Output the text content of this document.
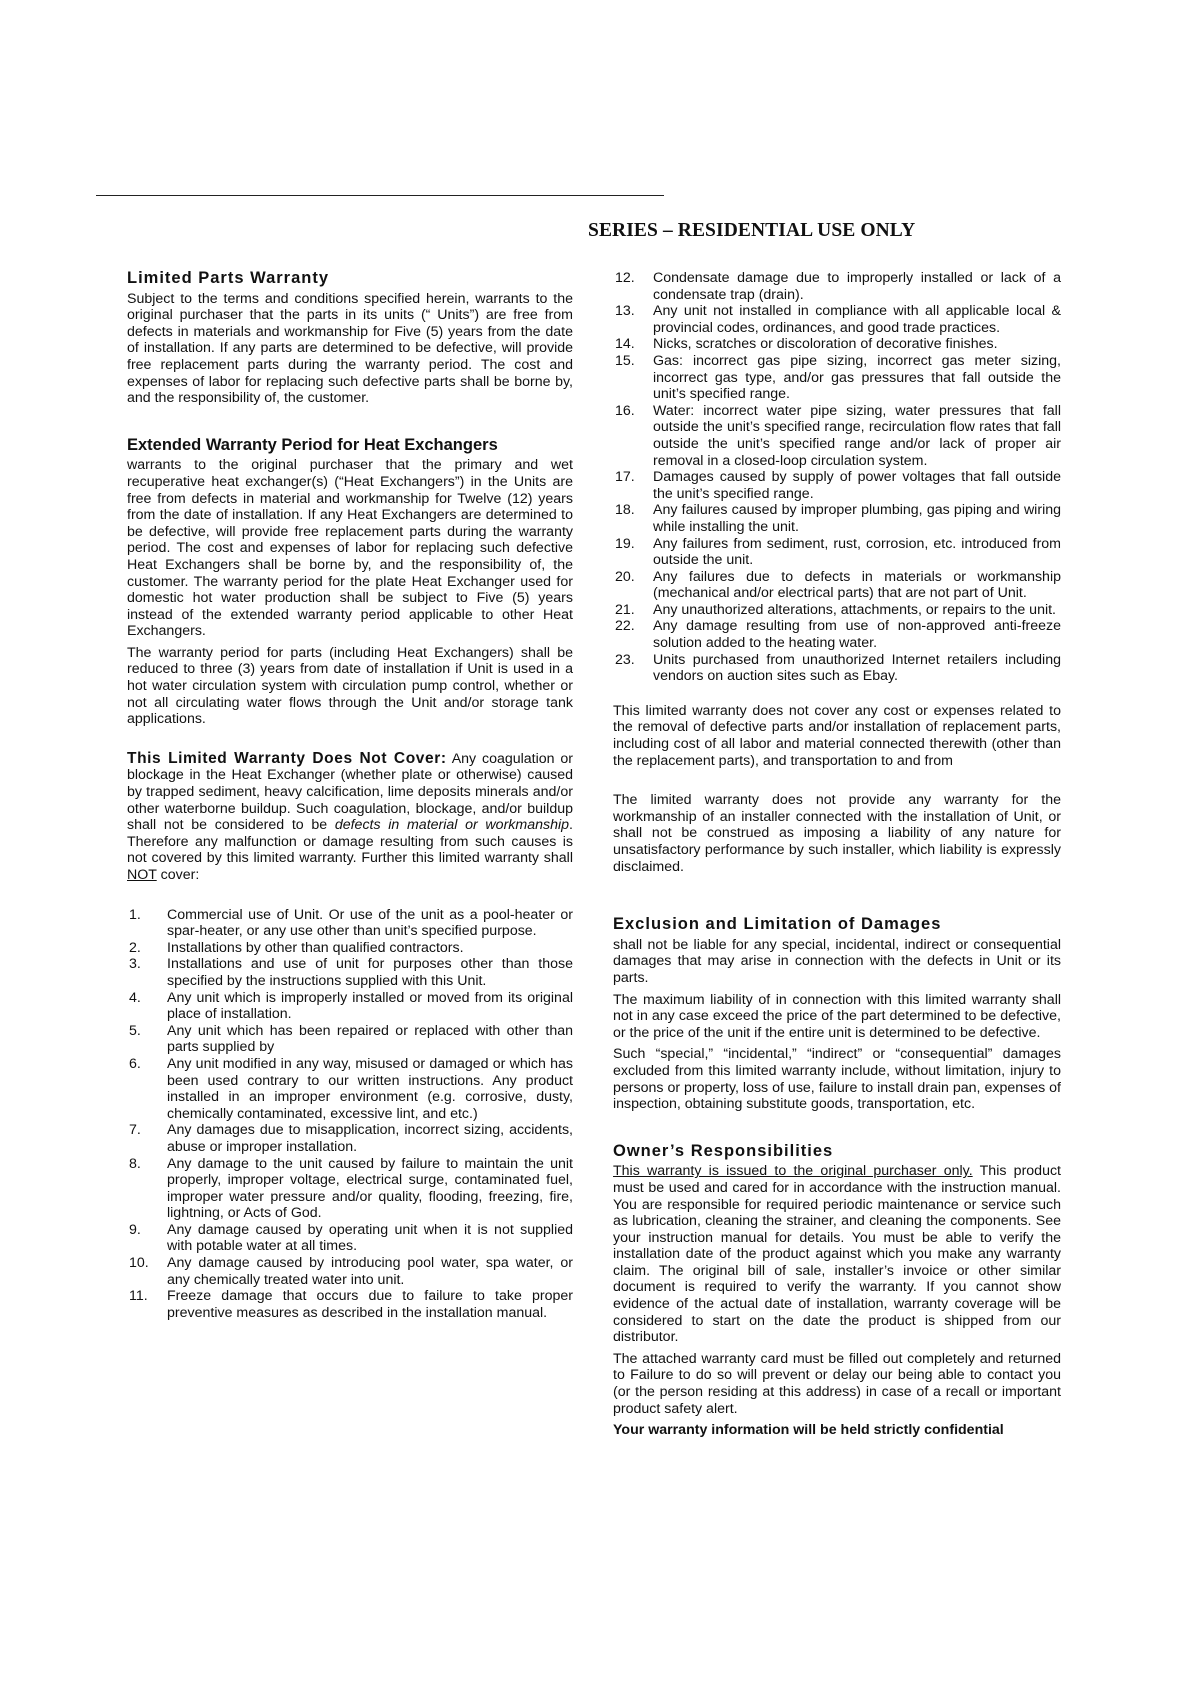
SERIES – RESIDENTIAL USE ONLY
Limited Parts Warranty

Subject to the terms and conditions specified herein, warrants to the original purchaser that the parts in its units (“ Units”) are free from defects in materials and workmanship for Five (5) years from the date of installation. If any parts are determined to be defective, will provide free replacement parts during the warranty period. The cost and expenses of labor for replacing such defective parts shall be borne by, and the responsibility of, the customer.

Extended Warranty Period for Heat Exchangers

warrants to the original purchaser that the primary and wet recuperative heat exchanger(s) (“Heat Exchangers”) in the Units are free from defects in material and workmanship for Twelve (12) years from the date of installation. If any Heat Exchangers are determined to be defective, will provide free replacement parts during the warranty period. The cost and expenses of labor for replacing such defective Heat Exchangers shall be borne by, and the responsibility of, the customer. The warranty period for the plate Heat Exchanger used for domestic hot water production shall be subject to Five (5) years instead of the extended warranty period applicable to other Heat Exchangers.

The warranty period for parts (including Heat Exchangers) shall be reduced to three (3) years from date of installation if Unit is used in a hot water circulation system with circulation pump control, whether or not all circulating water flows through the Unit and/or storage tank applications.

This Limited Warranty Does Not Cover: Any coagulation or blockage in the Heat Exchanger (whether plate or otherwise) caused by trapped sediment, heavy calcification, lime deposits minerals and/or other waterborne buildup. Such coagulation, blockage, and/or buildup shall not be considered to be defects in material or workmanship. Therefore any malfunction or damage resulting from such causes is not covered by this limited warranty. Further this limited warranty shall NOT cover:

1. Commercial use of Unit. Or use of the unit as a pool-heater or spar-heater, or any use other than unit’s specified purpose.
2. Installations by other than qualified contractors.
3. Installations and use of unit for purposes other than those specified by the instructions supplied with this Unit.
4. Any unit which is improperly installed or moved from its original place of installation.
5. Any unit which has been repaired or replaced with other than parts supplied by
6. Any unit modified in any way, misused or damaged or which has been used contrary to our written instructions. Any product installed in an improper environment (e.g. corrosive, dusty, chemically contaminated, excessive lint, and etc.)
7. Any damages due to misapplication, incorrect sizing, accidents, abuse or improper installation.
8. Any damage to the unit caused by failure to maintain the unit properly, improper voltage, electrical surge, contaminated fuel, improper water pressure and/or quality, flooding, freezing, fire, lightning, or Acts of God.
9. Any damage caused by operating unit when it is not supplied with potable water at all times.
10. Any damage caused by introducing pool water, spa water, or any chemically treated water into unit.
11. Freeze damage that occurs due to failure to take proper preventive measures as described in the installation manual.
12. Condensate damage due to improperly installed or lack of a condensate trap (drain).
13. Any unit not installed in compliance with all applicable local & provincial codes, ordinances, and good trade practices.
14. Nicks, scratches or discoloration of decorative finishes.
15. Gas: incorrect gas pipe sizing, incorrect gas meter sizing, incorrect gas type, and/or gas pressures that fall outside the unit’s specified range.
16. Water: incorrect water pipe sizing, water pressures that fall outside the unit’s specified range, recirculation flow rates that fall outside the unit’s specified range and/or lack of proper air removal in a closed-loop circulation system.
17. Damages caused by supply of power voltages that fall outside the unit’s specified range.
18. Any failures caused by improper plumbing, gas piping and wiring while installing the unit.
19. Any failures from sediment, rust, corrosion, etc. introduced from outside the unit.
20. Any failures due to defects in materials or workmanship (mechanical and/or electrical parts) that are not part of Unit.
21. Any unauthorized alterations, attachments, or repairs to the unit.
22. Any damage resulting from use of non-approved anti-freeze solution added to the heating water.
23. Units purchased from unauthorized Internet retailers including vendors on auction sites such as Ebay.

This limited warranty does not cover any cost or expenses related to the removal of defective parts and/or installation of replacement parts, including cost of all labor and material connected therewith (other than the replacement parts), and transportation to and from

The limited warranty does not provide any warranty for the workmanship of an installer connected with the installation of Unit, or shall not be construed as imposing a liability of any nature for unsatisfactory performance by such installer, which liability is expressly disclaimed.

Exclusion and Limitation of Damages

shall not be liable for any special, incidental, indirect or consequential damages that may arise in connection with the defects in Unit or its parts.

The maximum liability of in connection with this limited warranty shall not in any case exceed the price of the part determined to be defective, or the price of the unit if the entire unit is determined to be defective.

Such “special,” “incidental,” “indirect” or “consequential” damages excluded from this limited warranty include, without limitation, injury to persons or property, loss of use, failure to install drain pan, expenses of inspection, obtaining substitute goods, transportation, etc.

Owner’s Responsibilities

This warranty is issued to the original purchaser only. This product must be used and cared for in accordance with the instruction manual. You are responsible for required periodic maintenance or service such as lubrication, cleaning the strainer, and cleaning the components. See your instruction manual for details. You must be able to verify the installation date of the product against which you make any warranty claim. The original bill of sale, installer’s invoice or other similar document is required to verify the warranty. If you cannot show evidence of the actual date of installation, warranty coverage will be considered to start on the date the product is shipped from our distributor.

The attached warranty card must be filled out completely and returned to Failure to do so will prevent or delay our being able to contact you (or the person residing at this address) in case of a recall or important product safety alert.

Your warranty information will be held strictly confidential
